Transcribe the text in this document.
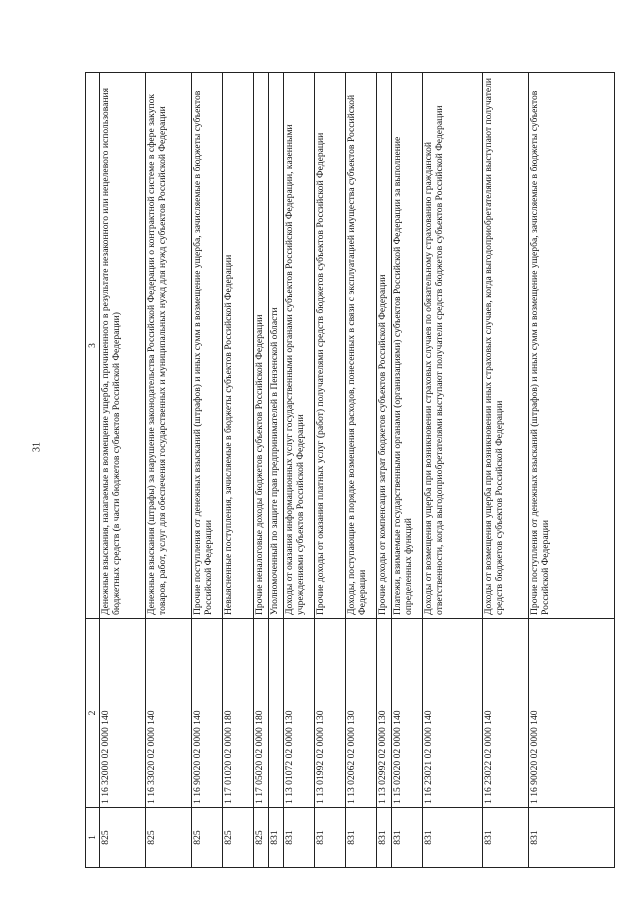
31
1	2	3
825	1 16 32000 02 0000 140	Денежные взыскания, налагаемые в возмещение ущерба, причиненного в результате незаконного или нецелевого использования бюджетных средств (в части бюджетов субъектов Российской Федерации)
825	1 16 33020 02 0000 140	Денежные взыскания (штрафы) за нарушение законодательства Российской Федерации о контрактной системе в сфере закупок товаров, работ, услуг для обеспечения государственных и муниципальных нужд для нужд субъектов Российской Федерации
825	1 16 90020 02 0000 140	Прочие поступления от денежных взысканий (штрафов) и иных сумм в возмещение ущерба, зачисляемые в бюджеты субъектов Российской Федерации
825	1 17 01020 02 0000 180	Невыясненные поступления, зачисляемые в бюджеты субъектов Российской Федерации
825	1 17 05020 02 0000 180	Прочие неналоговые доходы бюджетов субъектов Российской Федерации
831		Уполномоченный по защите прав предпринимателей в Пензенской области
831	1 13 01072 02 0000 130	Доходы от оказания информационных услуг государственными органами субъектов Российской Федерации, казенными учреждениями субъектов Российской Федерации
831	1 13 01992 02 0000 130	Прочие доходы от оказания платных услуг (работ) получателями средств бюджетов субъектов Российской Федерации
831	1 13 02062 02 0000 130	Доходы, поступающие в порядке возмещения расходов, понесенных в связи с эксплуатацией имущества субъектов Российской Федерации
831	1 13 02992 02 0000 130	Прочие доходы от компенсации затрат бюджетов субъектов Российской Федерации
831	1 15 02020 02 0000 140	Платежи, взимаемые государственными органами (организациями) субъектов Российской Федерации за выполнение определенных функций
831	1 16 23021 02 0000 140	Доходы от возмещения ущерба при возникновении страховых случаев по обязательному страхованию гражданской ответственности, когда выгодоприобретателями выступают получатели средств бюджетов субъектов Российской Федерации
831	1 16 23022 02 0000 140	Доходы от возмещения ущерба при возникновении иных страховых случаев, когда выгодоприобретателями выступают получатели средств бюджетов субъектов Российской Федерации
831	1 16 90020 02 0000 140	Прочие поступления от денежных взысканий (штрафов) и иных сумм в возмещение ущерба, зачисляемые в бюджеты субъектов Российской Федерации
